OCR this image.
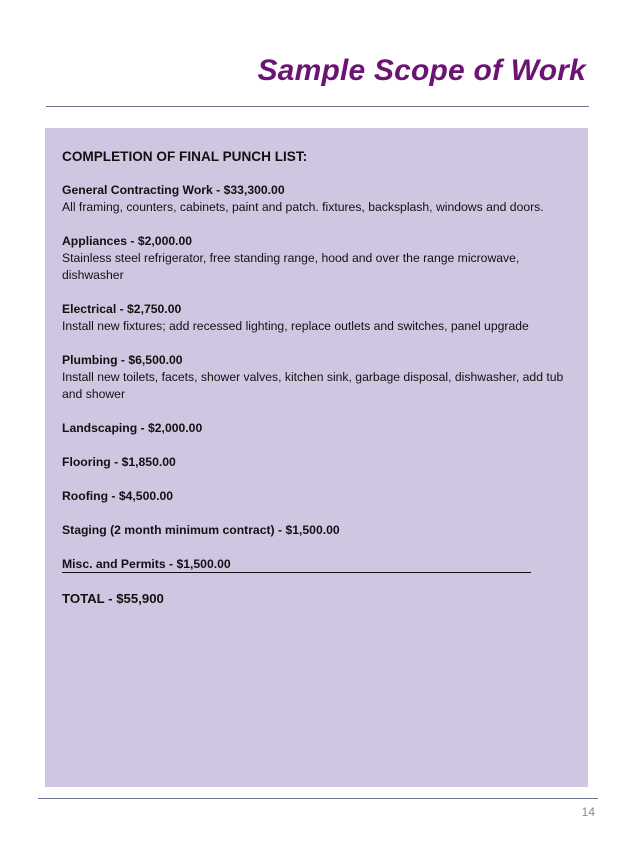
Sample Scope of Work
COMPLETION OF FINAL PUNCH LIST:
General Contracting Work - $33,300.00
All framing, counters, cabinets, paint and patch. fixtures, backsplash, windows and doors.
Appliances - $2,000.00
Stainless steel refrigerator, free standing range, hood and over the range microwave, dishwasher
Electrical - $2,750.00
Install new fixtures; add recessed lighting, replace outlets and switches, panel upgrade
Plumbing - $6,500.00
Install new toilets, facets, shower valves, kitchen sink, garbage disposal, dishwasher, add tub and shower
Landscaping - $2,000.00
Flooring - $1,850.00
Roofing - $4,500.00
Staging (2 month minimum contract) - $1,500.00
Misc. and Permits - $1,500.00
TOTAL - $55,900
14
